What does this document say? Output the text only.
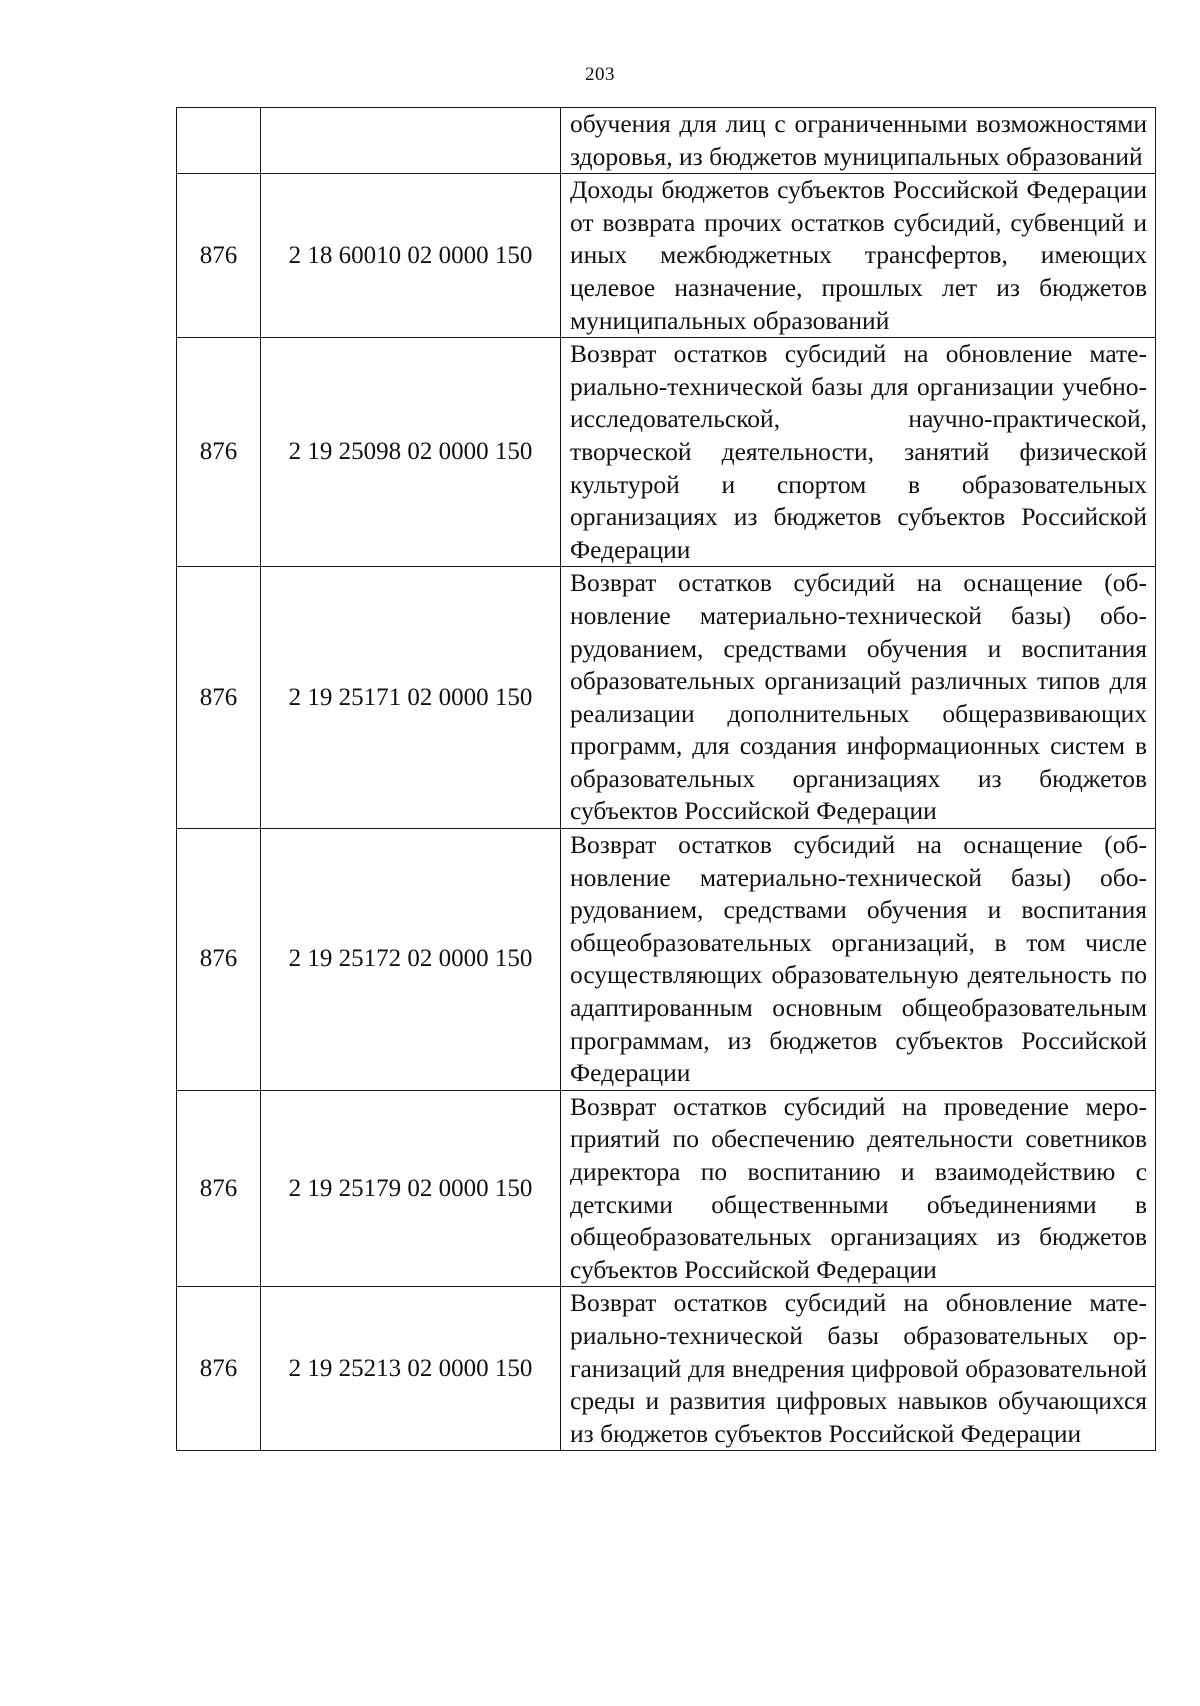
203
		обучения для лиц с ограниченными возможностями здоровья, из бюджетов муниципальных образований
876	2 18 60010 02 0000 150	Доходы бюджетов субъектов Российской Федерации от возврата прочих остатков субсидий, субвенций и иных межбюджетных трансфертов, имеющих целевое назначение, прошлых лет из бюджетов муниципальных образований
876	2 19 25098 02 0000 150	Возврат остатков субсидий на обновление материально-технической базы для организации учебно-исследовательской, научно-практической, творческой деятельности, занятий физической культурой и спортом в образовательных организациях из бюджетов субъектов Российской Федерации
876	2 19 25171 02 0000 150	Возврат остатков субсидий на оснащение (обновление материально-технической базы) оборудованием, средствами обучения и воспитания образовательных организаций различных типов для реализации дополнительных общеразвивающих программ, для создания информационных систем в образовательных организациях из бюджетов субъектов Российской Федерации
876	2 19 25172 02 0000 150	Возврат остатков субсидий на оснащение (обновление материально-технической базы) оборудованием, средствами обучения и воспитания общеобразовательных организаций, в том числе осуществляющих образовательную деятельность по адаптированным основным общеобразовательным программам, из бюджетов субъектов Российской Федерации
876	2 19 25179 02 0000 150	Возврат остатков субсидий на проведение мероприятий по обеспечению деятельности советников директора по воспитанию и взаимодействию с детскими общественными объединениями в общеобразовательных организациях из бюджетов субъектов Российской Федерации
876	2 19 25213 02 0000 150	Возврат остатков субсидий на обновление материально-технической базы образовательных организаций для внедрения цифровой образовательной среды и развития цифровых навыков обучающихся из бюджетов субъектов Российской Федерации
